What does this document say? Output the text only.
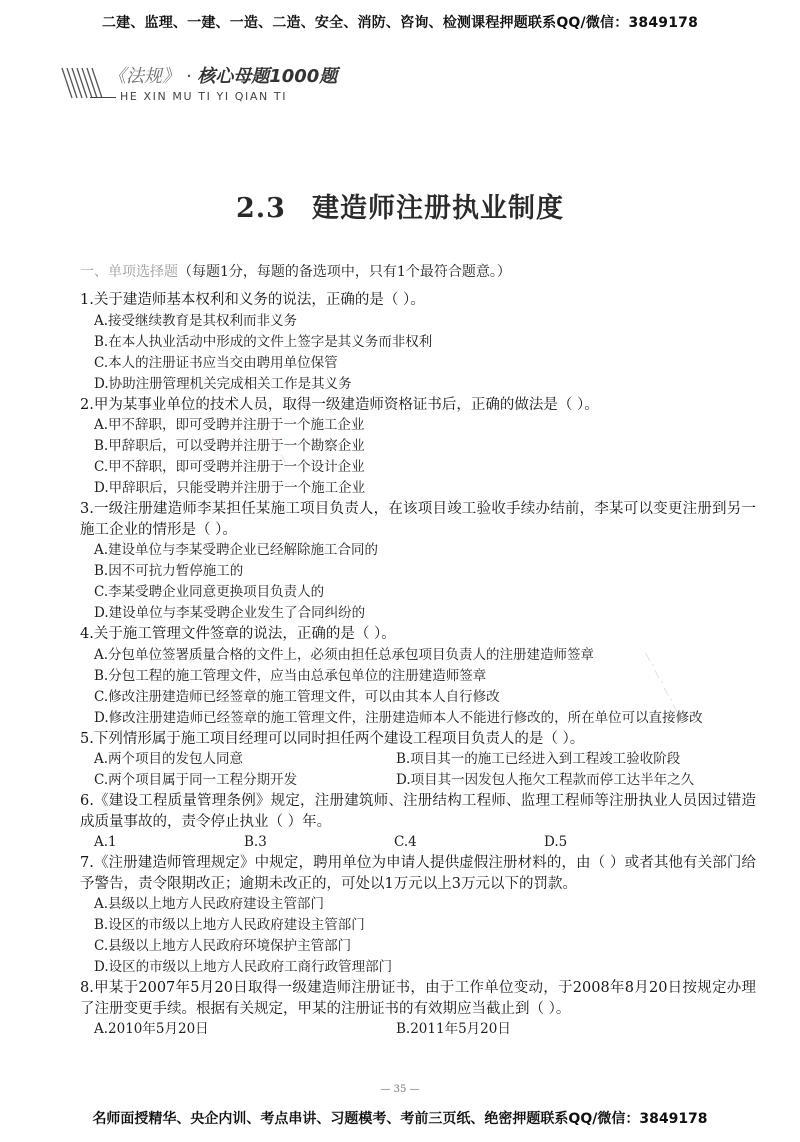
二建、监理、一建、一造、二造、安全、消防、咨询、检测课程押题联系QQ/微信：3849178
《法规》 · 核心母题1000题
HE XIN MU TI YI QIAN TI
2.3 建造师注册执业制度
一、单项选择题（每题1分，每题的备选项中，只有1个最符合题意。）
1.关于建造师基本权利和义务的说法，正确的是（ ）。
A.接受继续教育是其权利而非义务
B.在本人执业活动中形成的文件上签字是其义务而非权利
C.本人的注册证书应当交由聘用单位保管
D.协助注册管理机关完成相关工作是其义务
2.甲为某事业单位的技术人员，取得一级建造师资格证书后，正确的做法是（ ）。
A.甲不辞职，即可受聘并注册于一个施工企业
B.甲辞职后，可以受聘并注册于一个勘察企业
C.甲不辞职，即可受聘并注册于一个设计企业
D.甲辞职后，只能受聘并注册于一个施工企业
3.一级注册建造师李某担任某施工项目负责人，在该项目竣工验收手续办结前，李某可以变更注册到另一施工企业的情形是（ ）。
A.建设单位与李某受聘企业已经解除施工合同的
B.因不可抗力暂停施工的
C.李某受聘企业同意更换项目负责人的
D.建设单位与李某受聘企业发生了合同纠纷的
4.关于施工管理文件签章的说法，正确的是（ ）。
A.分包单位签署质量合格的文件上，必须由担任总承包项目负责人的注册建造师签章
B.分包工程的施工管理文件，应当由总承包单位的注册建造师签章
C.修改注册建造师已经签章的施工管理文件，可以由其本人自行修改
D.修改注册建造师已经签章的施工管理文件，注册建造师本人不能进行修改的，所在单位可以直接修改
5.下列情形属于施工项目经理可以同时担任两个建设工程项目负责人的是（ ）。
A.两个项目的发包人同意	B.项目其一的施工已经进入到工程竣工验收阶段
C.两个项目属于同一工程分期开发	D.项目其一因发包人拖欠工程款而停工达半年之久
6.《建设工程质量管理条例》规定，注册建筑师、注册结构工程师、监理工程师等注册执业人员因过错造成质量事故的，责令停止执业（ ）年。
A.1	B.3	C.4	D.5
7.《注册建造师管理规定》中规定，聘用单位为申请人提供虚假注册材料的，由（ ）或者其他有关部门给予警告，责令限期改正；逾期未改正的，可处以1万元以上3万元以下的罚款。
A.县级以上地方人民政府建设主管部门
B.设区的市级以上地方人民政府建设主管部门
C.县级以上地方人民政府环境保护主管部门
D.设区的市级以上地方人民政府工商行政管理部门
8.甲某于2007年5月20日取得一级建造师注册证书，由于工作单位变动，于2008年8月20日按规定办理了注册变更手续。根据有关规定，甲某的注册证书的有效期应当截止到（ ）。
A.2010年5月20日	B.2011年5月20日
— · — · — · —
— · — · — · —
— 35 —
名师面授精华、央企内训、考点串讲、习题模考、考前三页纸、绝密押题联系QQ/微信：3849178
